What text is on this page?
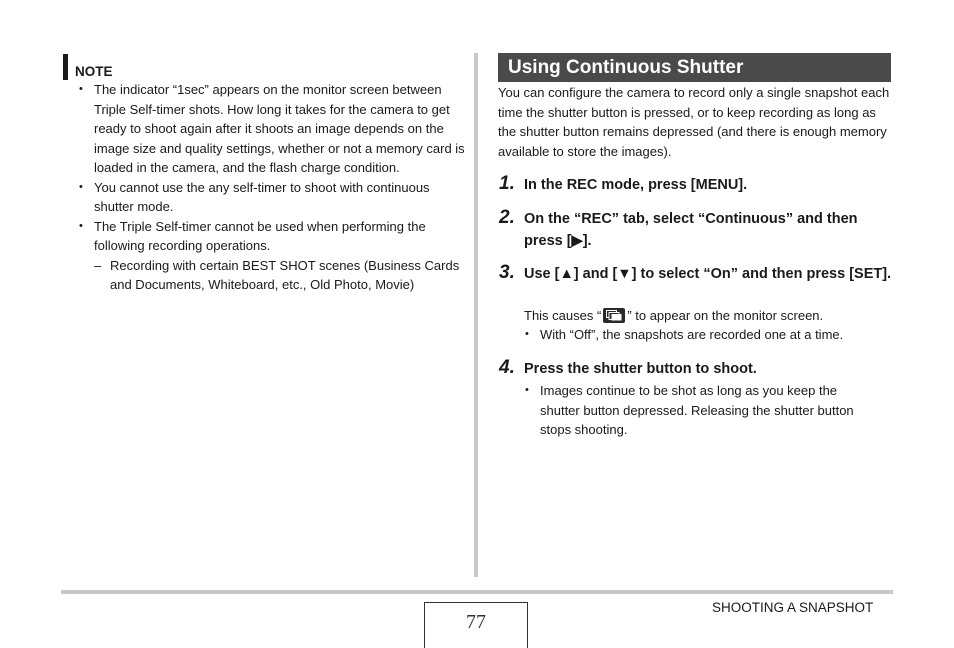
NOTE
• The indicator “1sec” appears on the monitor screen between Triple Self-timer shots. How long it takes for the camera to get ready to shoot again after it shoots an image depends on the image size and quality settings, whether or not a memory card is loaded in the camera, and the flash charge condition.
• You cannot use the any self-timer to shoot with continuous shutter mode.
• The Triple Self-timer cannot be used when performing the following recording operations.
– Recording with certain BEST SHOT scenes (Business Cards and Documents, Whiteboard, etc., Old Photo, Movie)
Using Continuous Shutter
You can configure the camera to record only a single snapshot each time the shutter button is pressed, or to keep recording as long as the shutter button remains depressed (and there is enough memory available to store the images).
1. In the REC mode, press [MENU].
2. On the “REC” tab, select “Continuous” and then press [▶].
3. Use [▲] and [▼] to select “On” and then press [SET].
This causes “ ” to appear on the monitor screen.
• With “Off”, the snapshots are recorded one at a time.
4. Press the shutter button to shoot.
• Images continue to be shot as long as you keep the shutter button depressed. Releasing the shutter button stops shooting.
77
SHOOTING A SNAPSHOT
